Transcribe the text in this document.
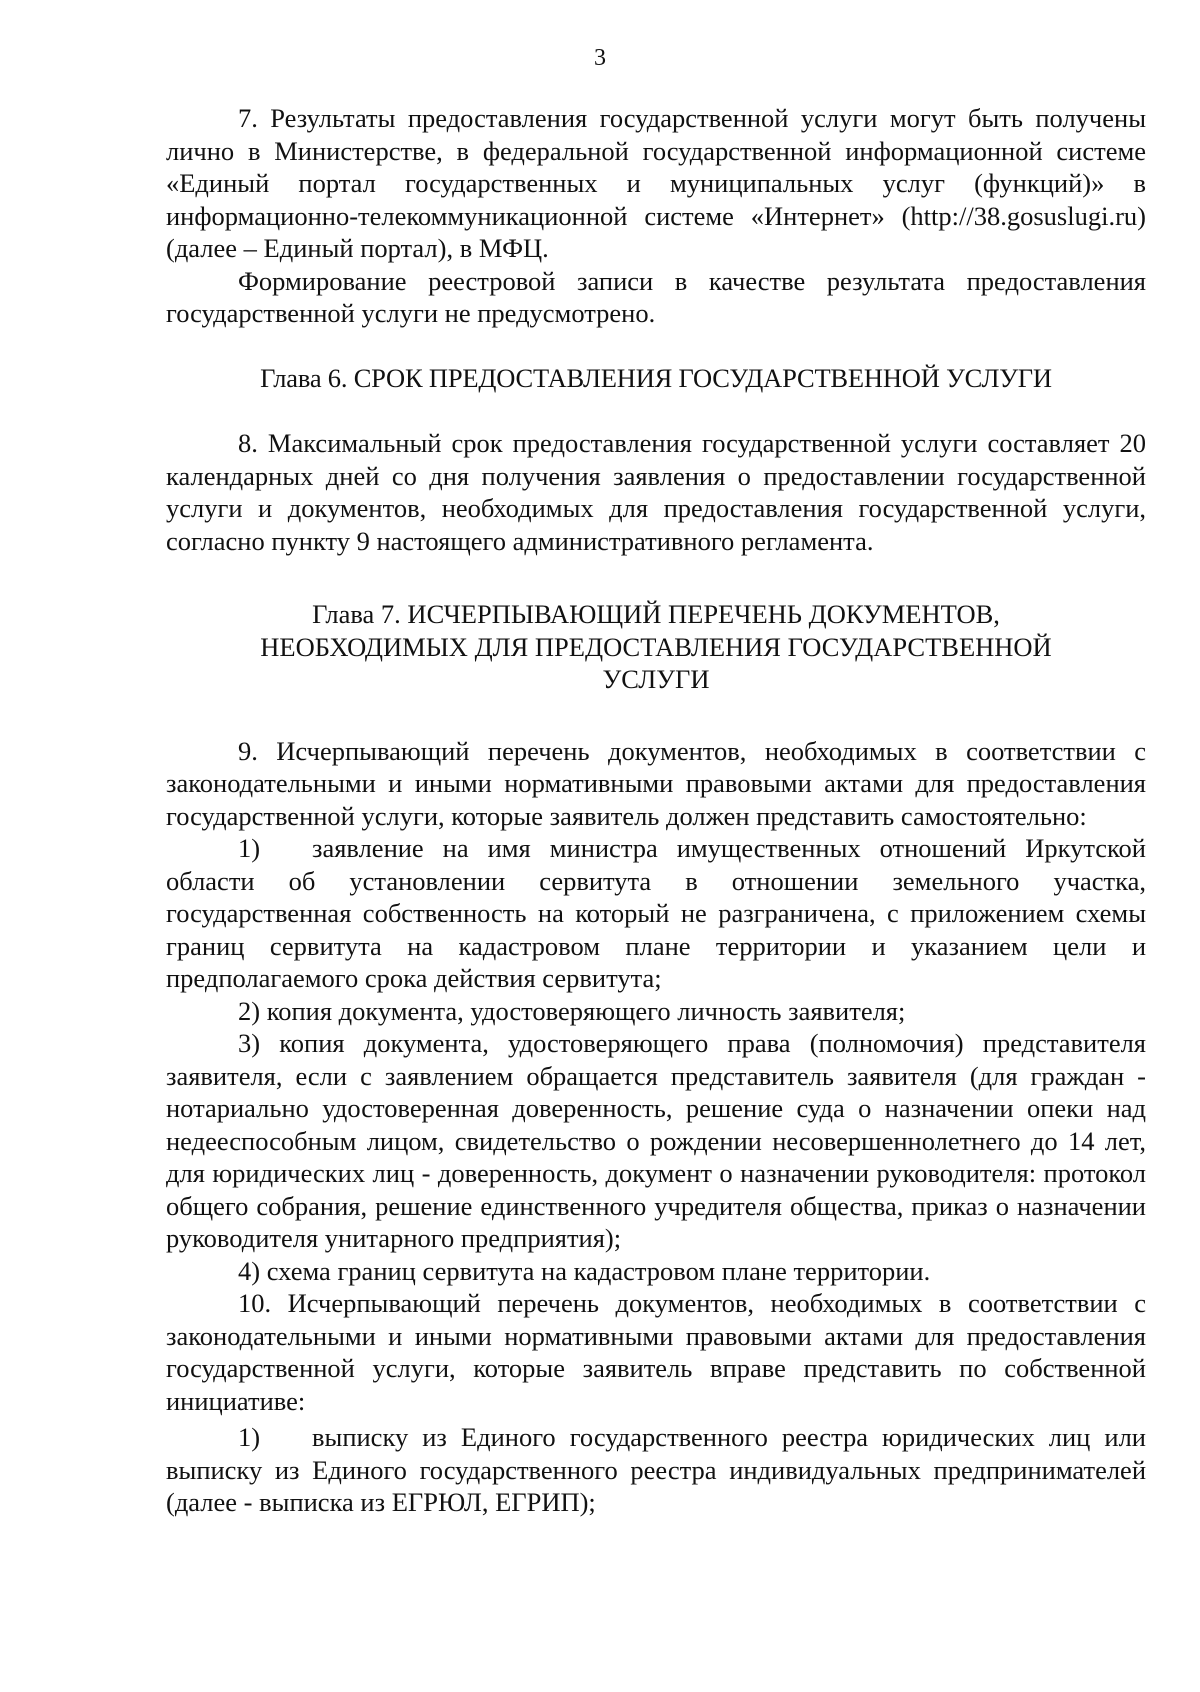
3

7. Результаты предоставления государственной услуги могут быть получены лично в Министерстве, в федеральной государственной информационной системе «Единый портал государственных и муниципальных услуг (функций)» в информационно-телекоммуникационной системе «Интернет» (http://38.gosuslugi.ru) (далее – Единый портал), в МФЦ.

Формирование реестровой записи в качестве результата предоставления государственной услуги не предусмотрено.

Глава 6. СРОК ПРЕДОСТАВЛЕНИЯ ГОСУДАРСТВЕННОЙ УСЛУГИ

8. Максимальный срок предоставления государственной услуги составляет 20 календарных дней со дня получения заявления о предоставлении государственной услуги и документов, необходимых для предоставления государственной услуги, согласно пункту 9 настоящего административного регламента.

Глава 7. ИСЧЕРПЫВАЮЩИЙ ПЕРЕЧЕНЬ ДОКУМЕНТОВ,
НЕОБХОДИМЫХ ДЛЯ ПРЕДОСТАВЛЕНИЯ ГОСУДАРСТВЕННОЙ
УСЛУГИ

9. Исчерпывающий перечень документов, необходимых в соответствии с законодательными и иными нормативными правовыми актами для предоставления государственной услуги, которые заявитель должен представить самостоятельно:

1) заявление на имя министра имущественных отношений Иркутской области об установлении сервитута в отношении земельного участка, государственная собственность на который не разграничена, с приложением схемы границ сервитута на кадастровом плане территории и указанием цели и предполагаемого срока действия сервитута;

2) копия документа, удостоверяющего личность заявителя;

3) копия документа, удостоверяющего права (полномочия) представителя заявителя, если с заявлением обращается представитель заявителя (для граждан - нотариально удостоверенная доверенность, решение суда о назначении опеки над недееспособным лицом, свидетельство о рождении несовершеннолетнего до 14 лет, для юридических лиц - доверенность, документ о назначении руководителя: протокол общего собрания, решение единственного учредителя общества, приказ о назначении руководителя унитарного предприятия);

4) схема границ сервитута на кадастровом плане территории.

10. Исчерпывающий перечень документов, необходимых в соответствии с законодательными и иными нормативными правовыми актами для предоставления государственной услуги, которые заявитель вправе представить по собственной инициативе:

1) выписку из Единого государственного реестра юридических лиц или выписку из Единого государственного реестра индивидуальных предпринимателей (далее - выписка из ЕГРЮЛ, ЕГРИП);
